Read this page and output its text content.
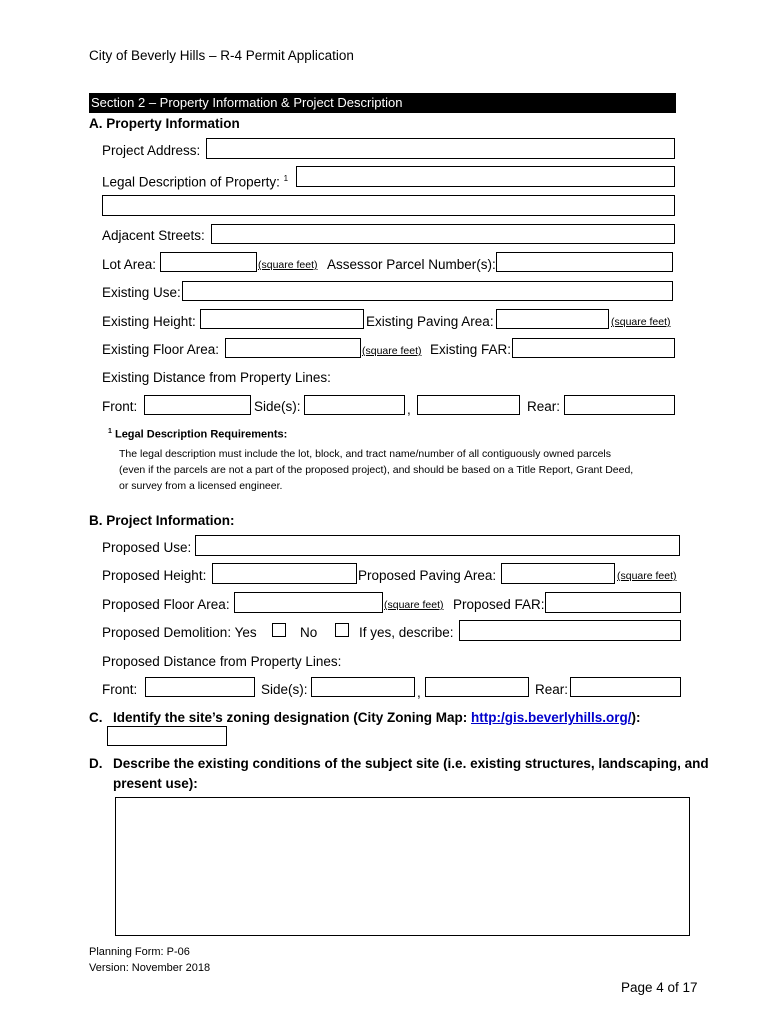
City of Beverly Hills – R-4 Permit Application
Section 2 – Property Information & Project Description
A. Property Information
Project Address:
Legal Description of Property: $^1$
Adjacent Streets:
Lot Area:	(square feet) Assessor Parcel Number(s):
Existing Use:
Existing Height:	Existing Paving Area:	(square feet)
Existing Floor Area:	(square feet) Existing FAR:
Existing Distance from Property Lines:
Front:	Side(s):	,	Rear:
$^1$ Legal Description Requirements:
The legal description must include the lot, block, and tract name/number of all contiguously owned parcels
(even if the parcels are not a part of the proposed project), and should be based on a Title Report, Grant Deed,
or survey from a licensed engineer.
B. Project Information:
Proposed Use:
Proposed Height:	Proposed Paving Area:	(square feet)
Proposed Floor Area:	(square feet) Proposed FAR:
Proposed Demolition: Yes	No	If yes, describe:
Proposed Distance from Property Lines:
Front:	Side(s):	,	Rear:
C. Identify the site’s zoning designation (City Zoning Map: http:/gis.beverlyhills.org/):
D. Describe the existing conditions of the subject site (i.e. existing structures, landscaping, and
present use):
Planning Form: P-06
Version: November 2018
Page 4 of 17
